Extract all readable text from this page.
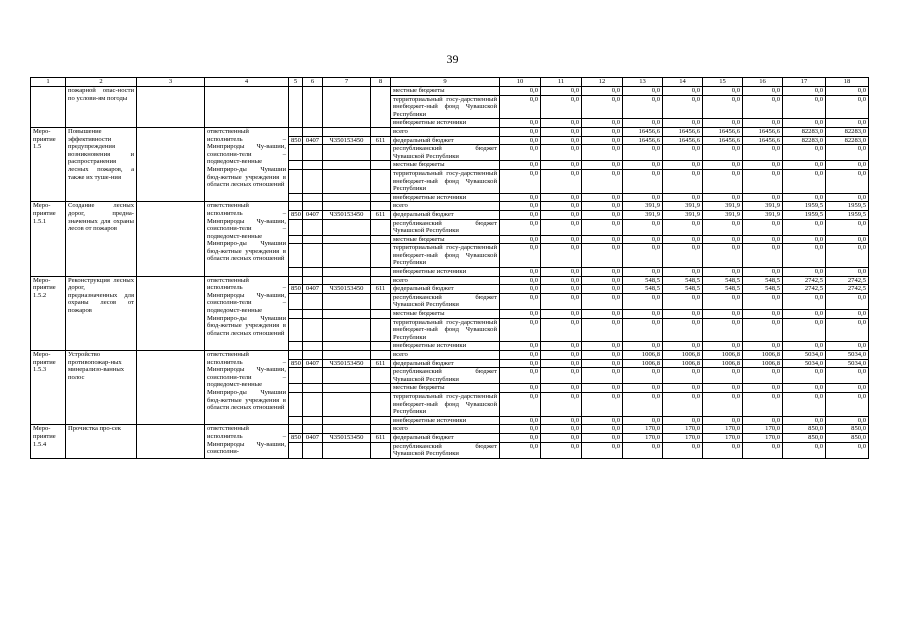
39
1	2	3	4	5	6	7	8	9	10	11	12	13	14	15	16	17	18
	пожарной опас-ности по услови-ям погоды							местные бюджеты	0,0	0,0	0,0	0,0	0,0	0,0	0,0	0,0	0,0
								территориальный госу-дарственный внебюджет-ный фонд Чувашской Республики	0,0	0,0	0,0	0,0	0,0	0,0	0,0	0,0	0,0
								внебюджетные источники	0,0	0,0	0,0	0,0	0,0	0,0	0,0	0,0	0,0
Меро-приятие 1.5	Повышение эффективности предупреждения возникновения и распространения лесных пожаров, а также их туше-ния		ответственный исполнитель – Минприроды Чу-вашии, соисполни-тели – подведомст-венные Минприро-ды Чувашии бюд-жетные учреждения в области лесных отношений					всего	0,0	0,0	0,0	16456,6	16456,6	16456,6	16456,6	82283,0	82283,0
				850	0407	Ч350153450	611	федеральный бюджет	0,0	0,0	0,0	16456,6	16456,6	16456,6	16456,6	82283,0	82283,0
								республиканский бюджет Чувашской Республики	0,0	0,0	0,0	0,0	0,0	0,0	0,0	0,0	0,0
								местные бюджеты	0,0	0,0	0,0	0,0	0,0	0,0	0,0	0,0	0,0
								территориальный госу-дарственный внебюджет-ный фонд Чувашской Республики	0,0	0,0	0,0	0,0	0,0	0,0	0,0	0,0	0,0
								внебюджетные источники	0,0	0,0	0,0	0,0	0,0	0,0	0,0	0,0	0,0
Меро-приятие 1.5.1	Создание лесных дорог, предна-значенных для охраны лесов от пожаров		ответственный исполнитель – Минприроды Чу-вашии, соисполни-тели – подведомст-венные Минприро-ды Чувашии бюд-жетные учреждения в области лесных отношений					всего	0,0	0,0	0,0	391,9	391,9	391,9	391,9	1959,5	1959,5
				850	0407	Ч350153450	611	федеральный бюджет	0,0	0,0	0,0	391,9	391,9	391,9	391,9	1959,5	1959,5
								республиканский бюджет Чувашской Республики	0,0	0,0	0,0	0,0	0,0	0,0	0,0	0,0	0,0
								местные бюджеты	0,0	0,0	0,0	0,0	0,0	0,0	0,0	0,0	0,0
								территориальный госу-дарственный внебюджет-ный фонд Чувашской Республики	0,0	0,0	0,0	0,0	0,0	0,0	0,0	0,0	0,0
								внебюджетные источники	0,0	0,0	0,0	0,0	0,0	0,0	0,0	0,0	0,0
Меро-приятие 1.5.2	Реконструкция лесных дорог, предназначенных для охраны лесов от пожаров		ответственный исполнитель – Минприроды Чу-вашии, соисполни-тели – подведомст-венные Минприро-ды Чувашии бюд-жетные учреждения в области лесных отношений					всего	0,0	0,0	0,0	548,5	548,5	548,5	548,5	2742,5	2742,5
				850	0407	Ч350153450	611	федеральный бюджет	0,0	0,0	0,0	548,5	548,5	548,5	548,5	2742,5	2742,5
								республиканский бюджет Чувашской Республики	0,0	0,0	0,0	0,0	0,0	0,0	0,0	0,0	0,0
								местные бюджеты	0,0	0,0	0,0	0,0	0,0	0,0	0,0	0,0	0,0
								территориальный госу-дарственный внебюджет-ный фонд Чувашской Республики	0,0	0,0	0,0	0,0	0,0	0,0	0,0	0,0	0,0
								внебюджетные источники	0,0	0,0	0,0	0,0	0,0	0,0	0,0	0,0	0,0
Меро-приятие 1.5.3	Устройство противопожар-ных минерализо-ванных полос		ответственный исполнитель – Минприроды Чу-вашии, соисполни-тели – подведомст-венные Минприро-ды Чувашии бюд-жетные учреждения в области лесных отношений					всего	0,0	0,0	0,0	1006,8	1006,8	1006,8	1006,8	5034,0	5034,0
				850	0407	Ч350153450	611	федеральный бюджет	0,0	0,0	0,0	1006,8	1006,8	1006,8	1006,8	5034,0	5034,0
								республиканский бюджет Чувашской Республики	0,0	0,0	0,0	0,0	0,0	0,0	0,0	0,0	0,0
								местные бюджеты	0,0	0,0	0,0	0,0	0,0	0,0	0,0	0,0	0,0
								территориальный госу-дарственный внебюджет-ный фонд Чувашской Республики	0,0	0,0	0,0	0,0	0,0	0,0	0,0	0,0	0,0
								внебюджетные источники	0,0	0,0	0,0	0,0	0,0	0,0	0,0	0,0	0,0
Меро-приятие 1.5.4	Прочистка про-сек		ответственный исполнитель – Минприроды Чу-вашии, соисполни-					всего	0,0	0,0	0,0	170,0	170,0	170,0	170,0	850,0	850,0
				850	0407	Ч350153450	611	федеральный бюджет	0,0	0,0	0,0	170,0	170,0	170,0	170,0	850,0	850,0
								республиканский бюджет Чувашской Республики	0,0	0,0	0,0	0,0	0,0	0,0	0,0	0,0	0,0
